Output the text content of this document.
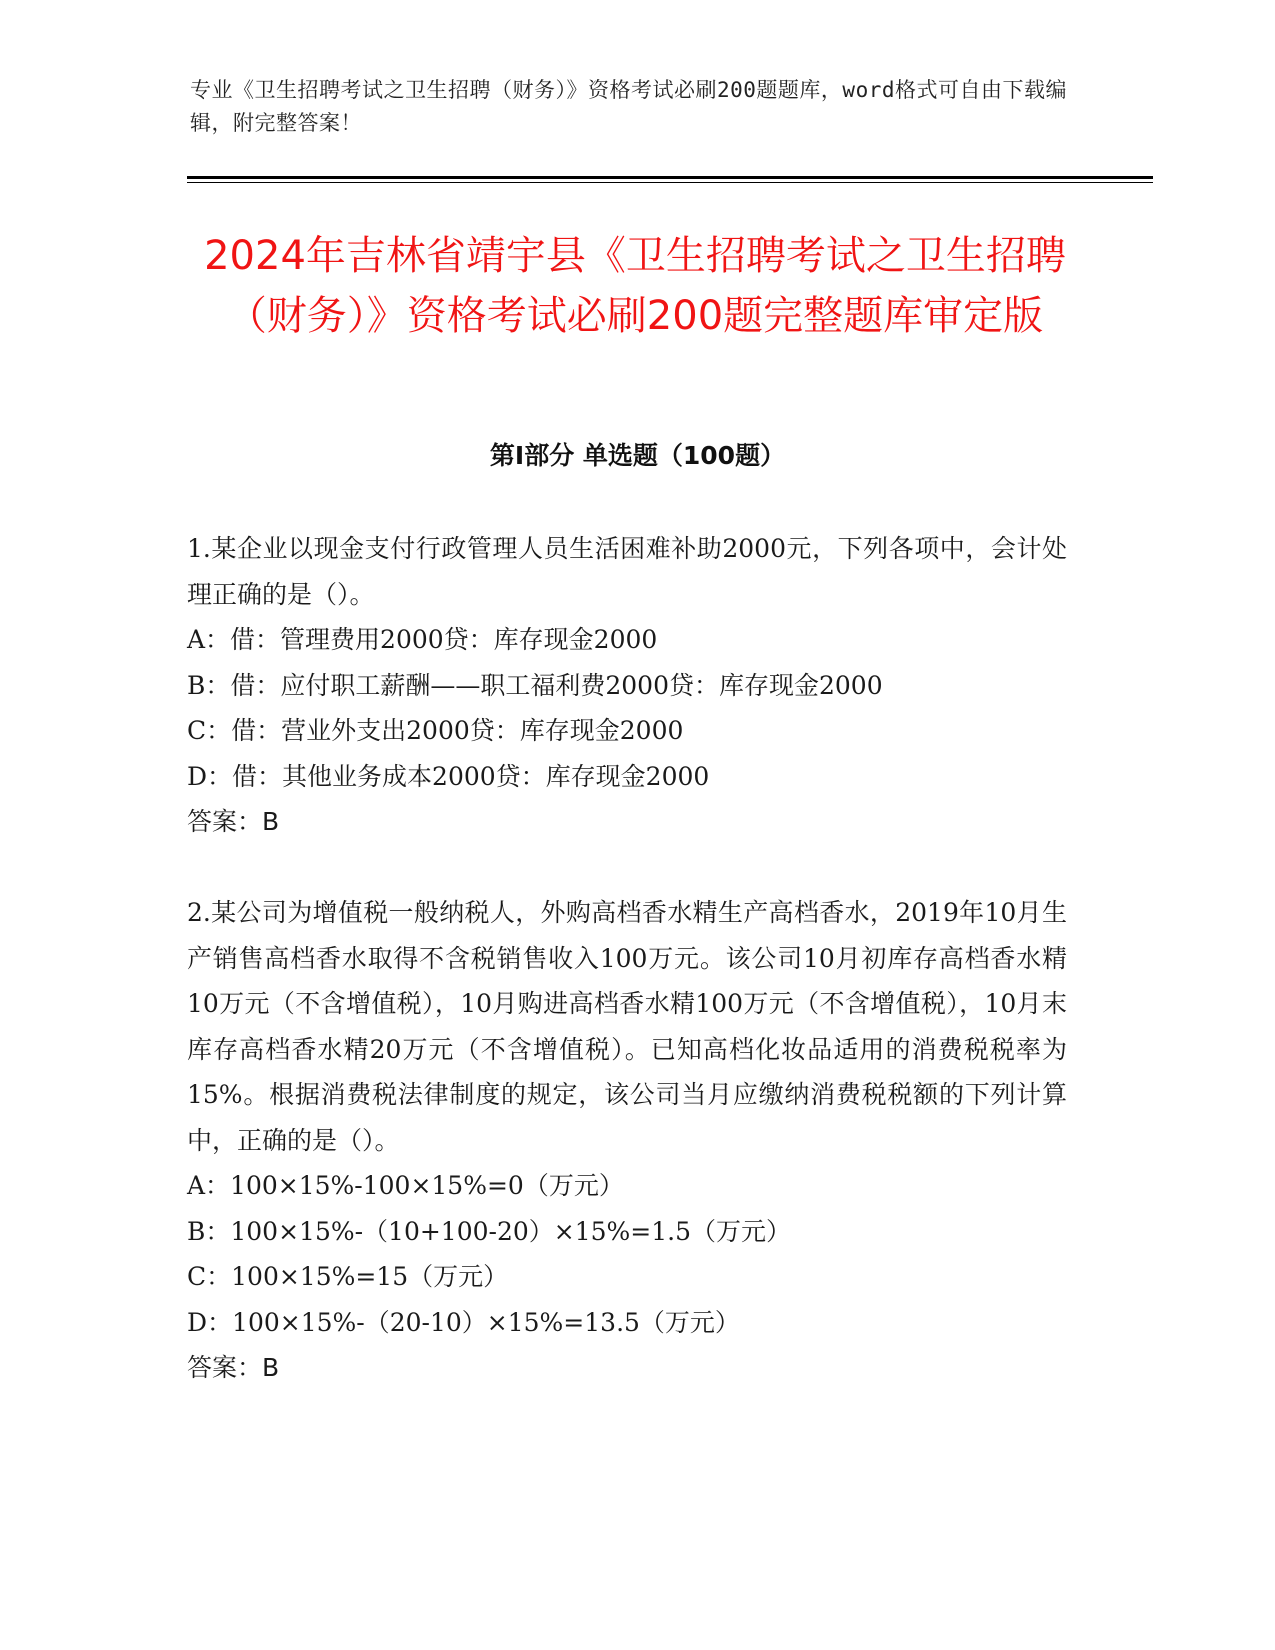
专业《卫生招聘考试之卫生招聘（财务）》资格考试必刷200题题库，word格式可自由下载编辑，附完整答案！
2024年吉林省靖宇县《卫生招聘考试之卫生招聘（财务）》资格考试必刷200题完整题库审定版
第Ⅰ部分 单选题（100题）

1.某企业以现金支付行政管理人员生活困难补助2000元，下列各项中，会计处理正确的是（）。

A：借：管理费用2000贷：库存现金2000

B：借：应付职工薪酬——职工福利费2000贷：库存现金2000

C：借：营业外支出2000贷：库存现金2000

D：借：其他业务成本2000贷：库存现金2000

答案：B

2.某公司为增值税一般纳税人，外购高档香水精生产高档香水，2019年10月生产销售高档香水取得不含税销售收入100万元。该公司10月初库存高档香水精10万元（不含增值税），10月购进高档香水精100万元（不含增值税），10月末库存高档香水精20万元（不含增值税）。已知高档化妆品适用的消费税税率为15%。根据消费税法律制度的规定，该公司当月应缴纳消费税税额的下列计算中，正确的是（）。

A：100×15%-100×15%=0（万元）

B：100×15%-（10+100-20）×15%=1.5（万元）

C：100×15%=15（万元）

D：100×15%-（20-10）×15%=13.5（万元）

答案：B
